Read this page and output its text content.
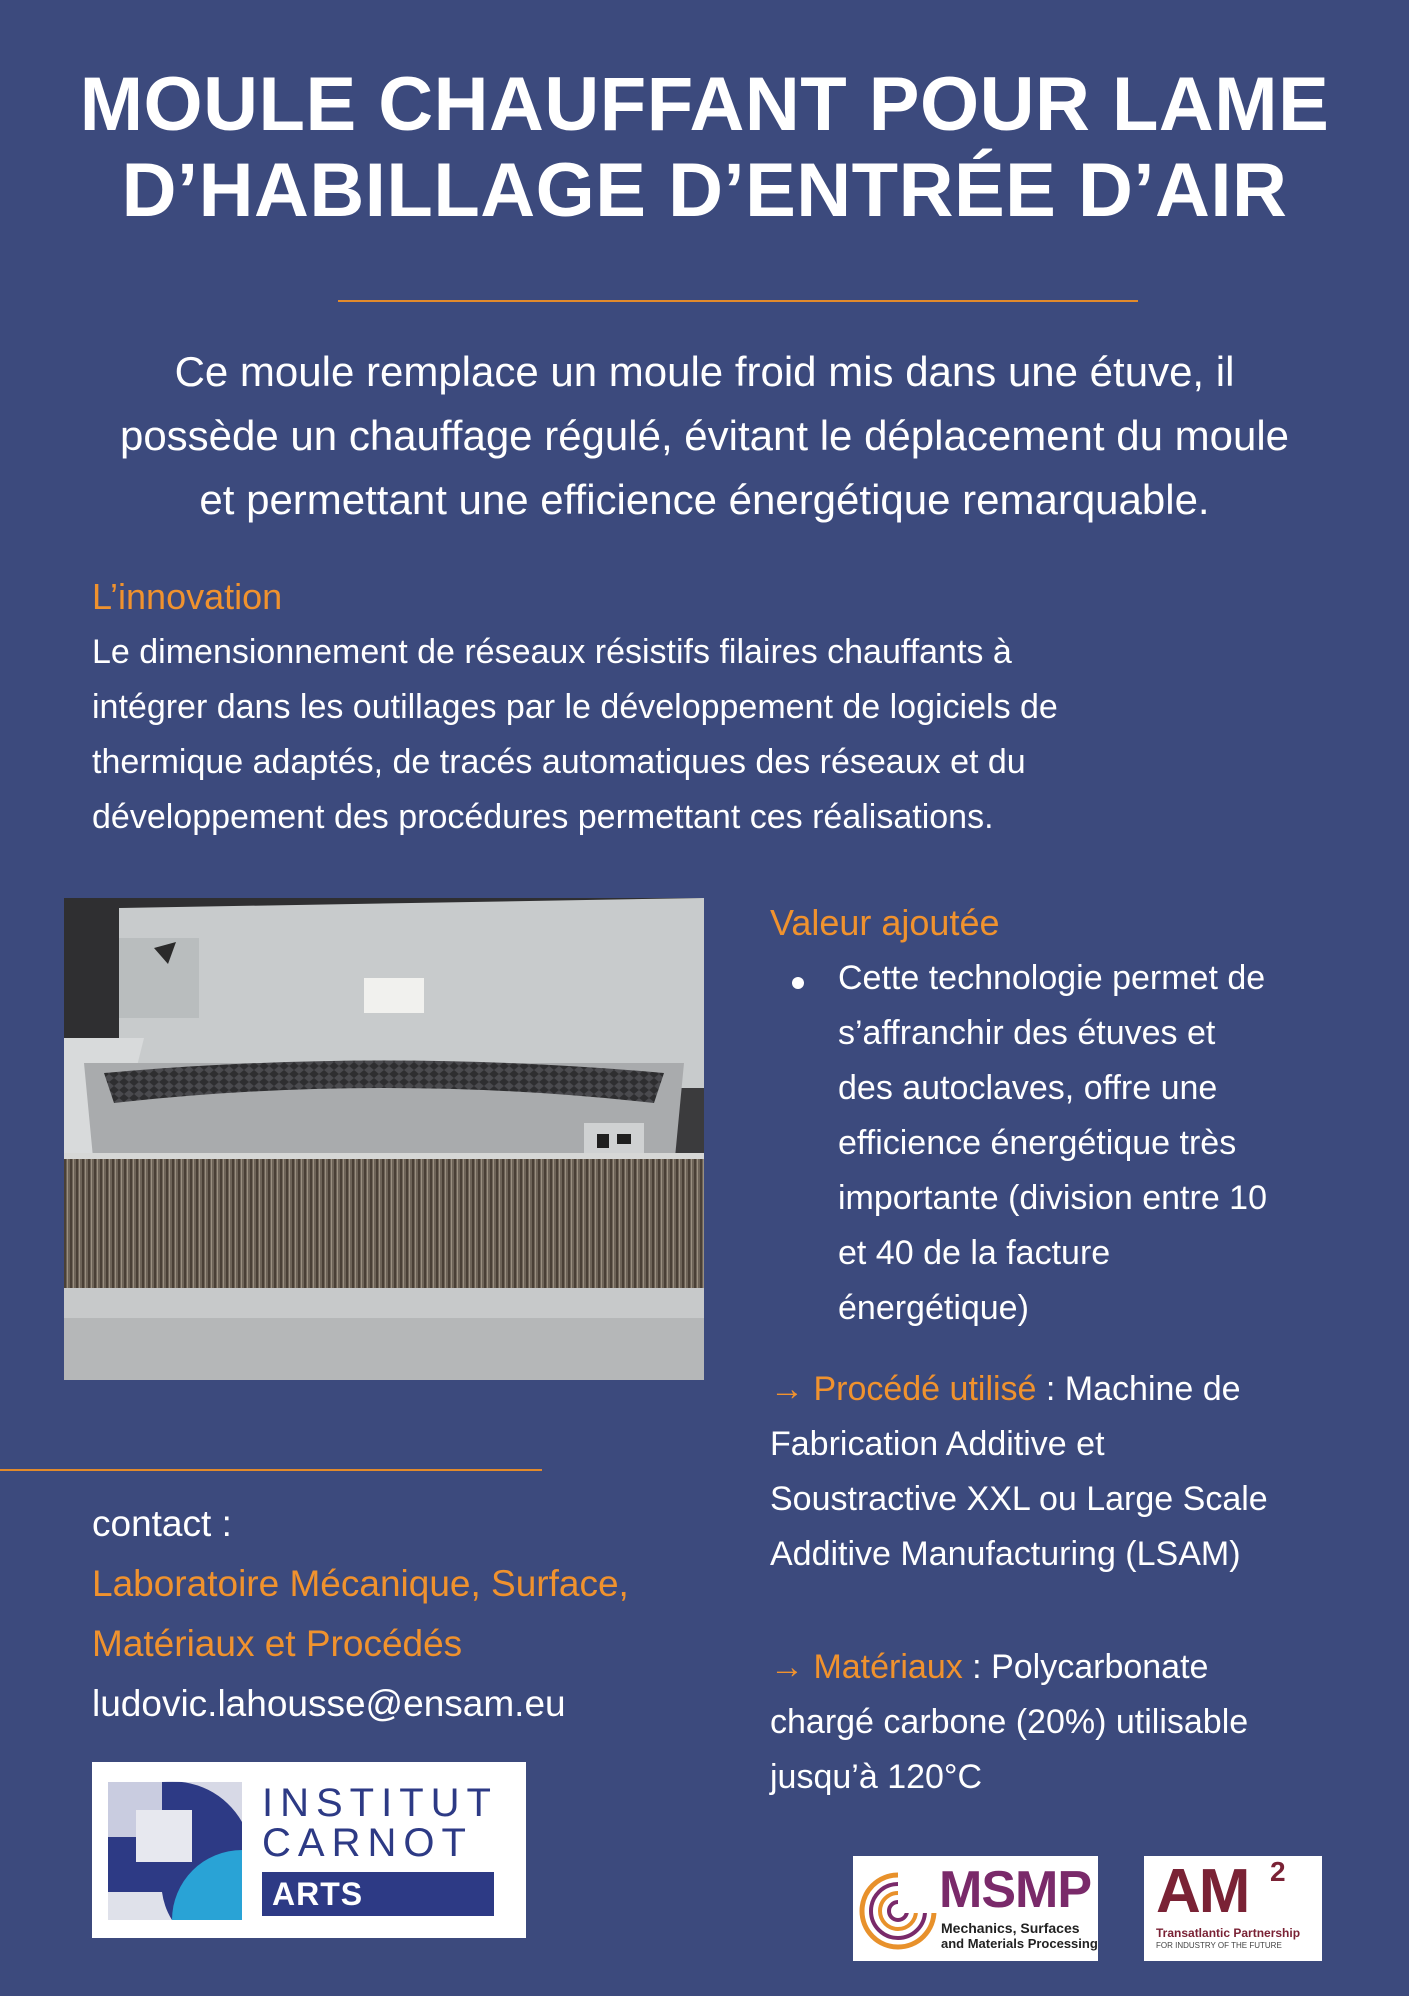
MOULE CHAUFFANT POUR LAME
D’HABILLAGE D’ENTRÉE D’AIR
Ce moule remplace un moule froid mis dans une étuve, il
possède un chauffage régulé, évitant le déplacement du moule
et permettant une efficience énergétique remarquable.
L’innovation
Le dimensionnement de réseaux résistifs filaires chauffants à
intégrer dans les outillages par le développement de logiciels de
thermique adaptés, de tracés automatiques des réseaux et du
développement des procédures permettant ces réalisations.
Valeur ajoutée
Cette technologie permet de
s’affranchir des étuves et
des autoclaves, offre une
efficience énergétique très
importante (division entre 10
et 40 de la facture
énergétique)
→ Procédé utilisé : Machine de
Fabrication Additive et
Soustractive XXL ou Large Scale
Additive Manufacturing (LSAM)
→ Matériaux : Polycarbonate
chargé carbone (20%) utilisable
jusqu’à 120°C
contact :
Laboratoire Mécanique, Surface,
Matériaux et Procédés
ludovic.lahousse@ensam.eu
INSTITUT
CARNOT
ARTS	MSMP
Mechanics, Surfaces
and Materials Processing
AM 2
Transatlantic Partnership
FOR INDUSTRY OF THE FUTURE
